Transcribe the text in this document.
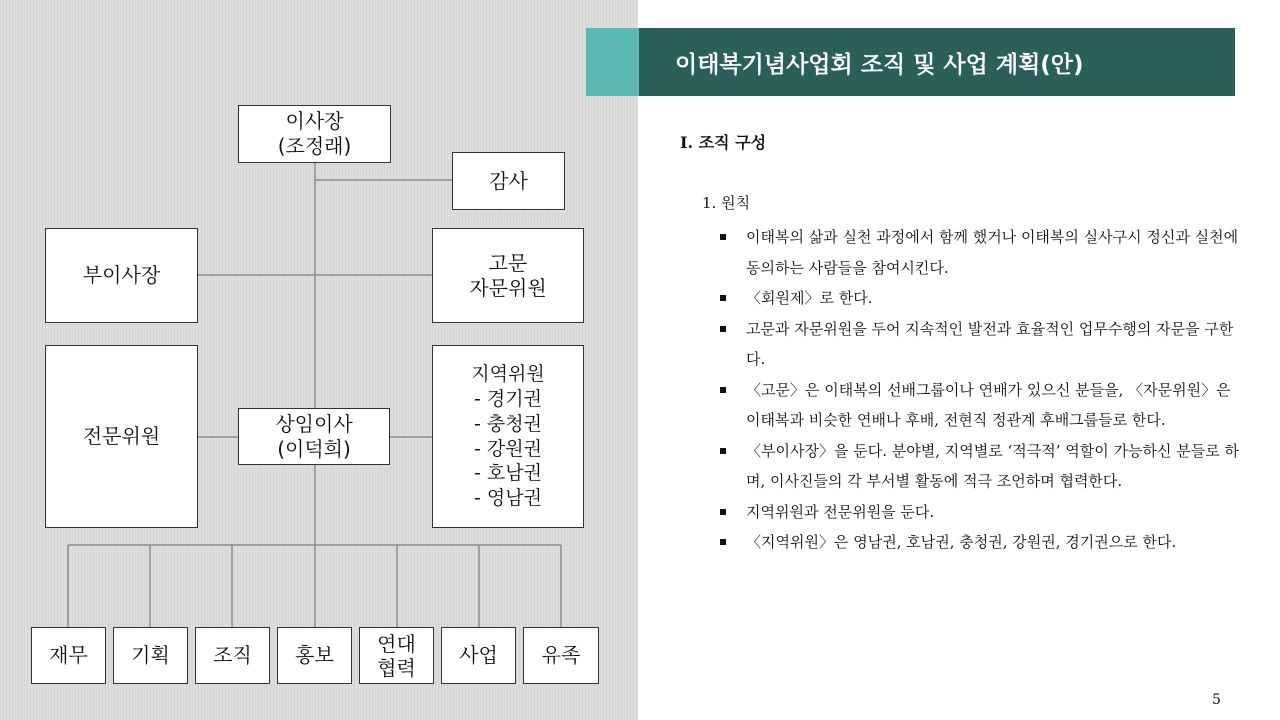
이사장
(조정래)
감사
부이사장
고문
자문위원
전문위원
상임이사
(이덕희)
지역위원
- 경기권
- 충청권
- 강원권
- 호남권
- 영남권
재무 기획 조직 홍보 연대
협력
사업 유족
이태복기념사업회 조직 및 사업 계획(안)
I. 조직 구성
1. 원칙
이태복의 삶과 실천 과정에서 함께 했거나 이태복의 실사구시 정신과 실천에 동의하는 사람들을 참여시킨다.
〈회원제〉로 한다.
고문과 자문위원을 두어 지속적인 발전과 효율적인 업무수행의 자문을 구한다.
〈고문〉은 이태복의 선배그룹이나 연배가 있으신 분들을, 〈자문위원〉은 이태복과 비슷한 연배나 후배, 전현직 정관계 후배그룹들로 한다.
〈부이사장〉을 둔다. 분야별, 지역별로 ‘적극적’ 역할이 가능하신 분들로 하며, 이사진들의 각 부서별 활동에 적극 조언하며 협력한다.
지역위원과 전문위원을 둔다.
〈지역위원〉은 영남권, 호남권, 충청권, 강원권, 경기권으로 한다.
5
